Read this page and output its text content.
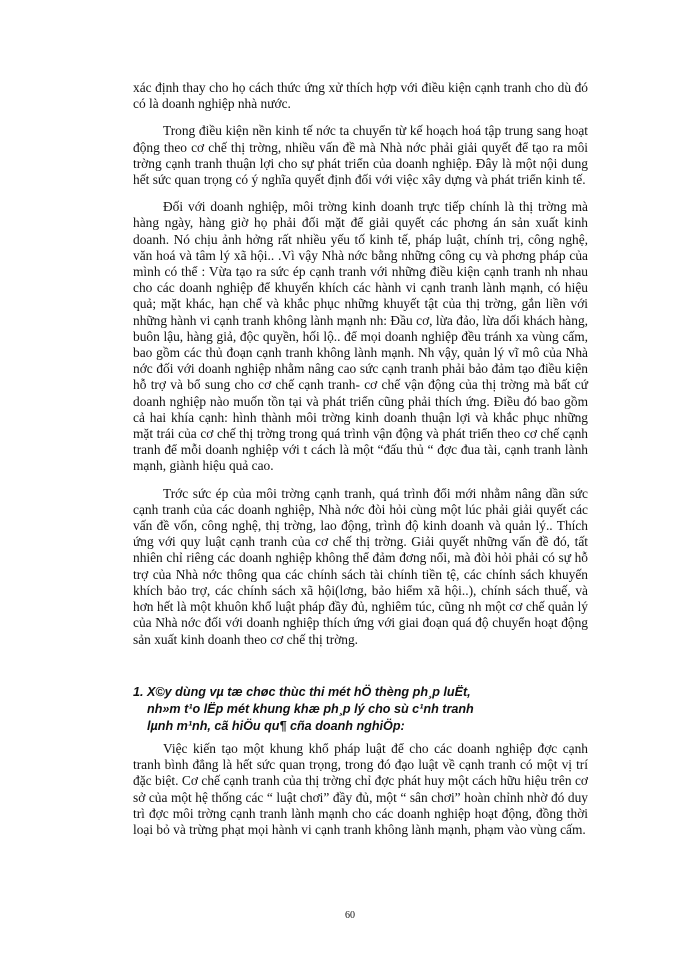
xác định thay cho họ cách thức ứng xử thích hợp với điều kiện cạnh tranh cho dù đó có là doanh nghiệp nhà nước.

Trong điều kiện nền kinh tế nớc ta chuyển từ kế hoạch hoá tập trung sang hoạt động theo cơ chế thị trờng, nhiều vấn đề mà Nhà nớc phải giải quyết để tạo ra môi trờng cạnh tranh thuận lợi cho sự phát triển của doanh nghiệp. Đây là một nội dung hết sức quan trọng có ý nghĩa quyết định đối với việc xây dựng và phát triển kinh tế.

Đối với doanh nghiệp, môi trờng kinh doanh trực tiếp chính là thị trờng mà hàng ngày, hàng giờ họ phải đối mặt để giải quyết các phơng án sản xuất kinh doanh. Nó chịu ảnh hởng rất nhiều yếu tố kinh tế, pháp luật, chính trị, công nghệ, văn hoá và tâm lý xã hội.. .Vì vậy Nhà nớc bằng những công cụ và phơng pháp của mình có thể : Vừa tạo ra sức ép cạnh tranh với những điều kiện cạnh tranh nh nhau cho các doanh nghiệp để khuyến khích các hành vi cạnh tranh lành mạnh, có hiệu quả; mặt khác, hạn chế và khắc phục những khuyết tật của thị trờng, gắn liền với những hành vi cạnh tranh không lành mạnh nh: Đầu cơ, lừa đảo, lừa dối khách hàng, buôn lậu, hàng giả, độc quyền, hối lộ.. để mọi doanh nghiệp đều tránh xa vùng cấm, bao gồm các thủ đoạn cạnh tranh không lành mạnh. Nh vậy, quản lý vĩ mô của Nhà nớc đối với doanh nghiệp nhằm nâng cao sức cạnh tranh phải bảo đảm tạo điều kiện hỗ trợ và bổ sung cho cơ chế cạnh tranh- cơ chế vận động của thị trờng mà bất cứ doanh nghiệp nào muốn tồn tại và phát triển cũng phải thích ứng. Điều đó bao gồm cả hai khía cạnh: hình thành môi trờng kinh doanh thuận lợi và khắc phục những mặt trái của cơ chế thị trờng trong quá trình vận động và phát triển theo cơ chế cạnh tranh để mỗi doanh nghiệp với t cách là một “đấu thủ “ đợc đua tài, cạnh tranh lành mạnh, giành hiệu quả cao.

Trớc sức ép của môi trờng cạnh tranh, quá trình đổi mới nhằm nâng dần sức cạnh tranh của các doanh nghiệp, Nhà nớc đòi hỏi cùng một lúc phải giải quyết các vấn đề vốn, công nghệ, thị trờng, lao động, trình độ kinh doanh và quản lý.. Thích ứng với quy luật cạnh tranh của cơ chế thị trờng. Giải quyết những vấn đề đó, tất nhiên chỉ riêng các doanh nghiệp không thể đảm đơng nổi, mà đòi hỏi phải có sự hỗ trợ của Nhà nớc thông qua các chính sách tài chính tiền tệ, các chính sách khuyến khích bảo trợ, các chính sách xã hội(lơng, bảo hiểm xã hội..), chính sách thuế, và hơn hết là một khuôn khổ luật pháp đầy đủ, nghiêm túc, cũng nh một cơ chế quản lý của Nhà nớc đối với doanh nghiệp thích ứng với giai đoạn quá độ chuyển hoạt động sản xuất kinh doanh theo cơ chế thị trờng.

1. X©y dùng vµ tæ chøc thùc thi mét hÖ thèng ph¸p luËt,
nh»m t¹o lËp mét khung khæ ph¸p lý cho sù c¹nh tranh
lµnh m¹nh, cã hiÖu qu¶ cña doanh nghiÖp:

Việc kiến tạo một khung khổ pháp luật để cho các doanh nghiệp đợc cạnh tranh bình đẳng là hết sức quan trọng, trong đó đạo luật về cạnh tranh có một vị trí đặc biệt. Cơ chế cạnh tranh của thị trờng chỉ đợc phát huy một cách hữu hiệu trên cơ sở của một hệ thống các “ luật chơi” đầy đủ, một “ sân chơi” hoàn chỉnh nhờ đó duy trì đợc môi trờng cạnh tranh lành mạnh cho các doanh nghiệp hoạt động, đồng thời loại bỏ và trừng phạt mọi hành vi cạnh tranh không lành mạnh, phạm vào vùng cấm.

60
